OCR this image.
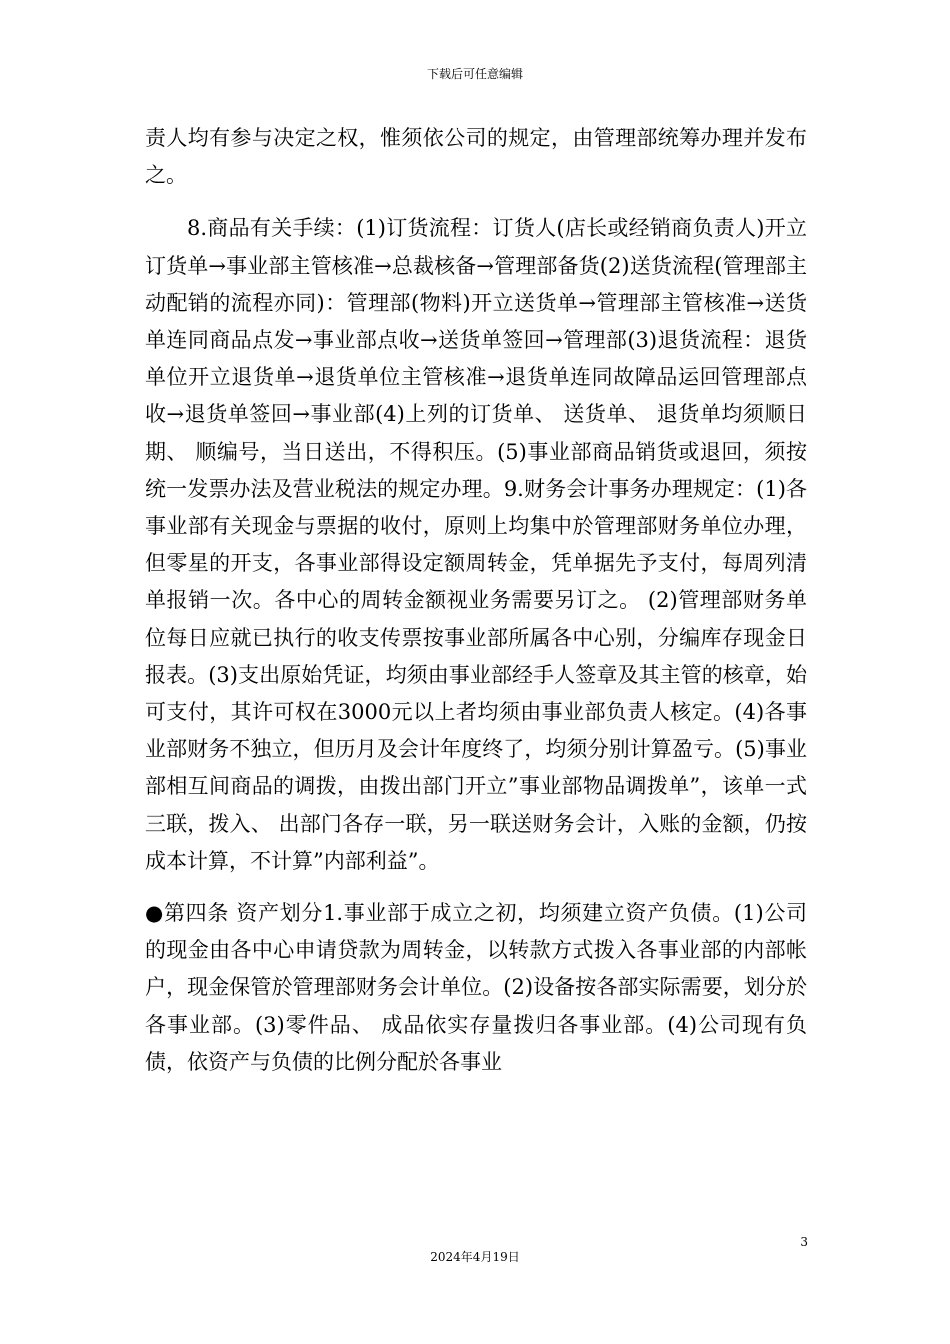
下载后可任意编辑

责人均有参与决定之权，惟须依公司的规定，由管理部统筹办理并发布之。

8.商品有关手续：(1)订货流程：订货人(店长或经销商负责人)开立订货单→事业部主管核准→总裁核备→管理部备货(2)送货流程(管理部主动配销的流程亦同)：管理部(物料)开立送货单→管理部主管核准→送货单连同商品点发→事业部点收→送货单签回→管理部(3)退货流程：退货单位开立退货单→退货单位主管核准→退货单连同故障品运回管理部点收→退货单签回→事业部(4)上列的订货单、 送货单、 退货单均须顺日期、 顺编号，当日送出，不得积压。(5)事业部商品销货或退回，须按统一发票办法及营业税法的规定办理。9.财务会计事务办理规定：(1)各事业部有关现金与票据的收付，原则上均集中於管理部财务单位办理，但零星的开支，各事业部得设定额周转金，凭单据先予支付，每周列清单报销一次。各中心的周转金额视业务需要另订之。 (2)管理部财务单位每日应就已执行的收支传票按事业部所属各中心别，分编库存现金日报表。(3)支出原始凭证，均须由事业部经手人签章及其主管的核章，始可支付，其许可权在3000元以上者均须由事业部负责人核定。(4)各事业部财务不独立，但历月及会计年度终了，均须分别计算盈亏。(5)事业部相互间商品的调拨，由拨出部门开立”事业部物品调拨单”，该单一式三联，拨入、 出部门各存一联，另一联送财务会计，入账的金额，仍按成本计算，不计算”内部利益”。

●第四条 资产划分1.事业部于成立之初，均须建立资产负债。(1)公司的现金由各中心申请贷款为周转金，以转款方式拨入各事业部的内部帐户，现金保管於管理部财务会计单位。(2)设备按各部实际需要，划分於各事业部。(3)零件品、 成品依实存量拨归各事业部。(4)公司现有负债，依资产与负债的比例分配於各事业

3
2024年4月19日
